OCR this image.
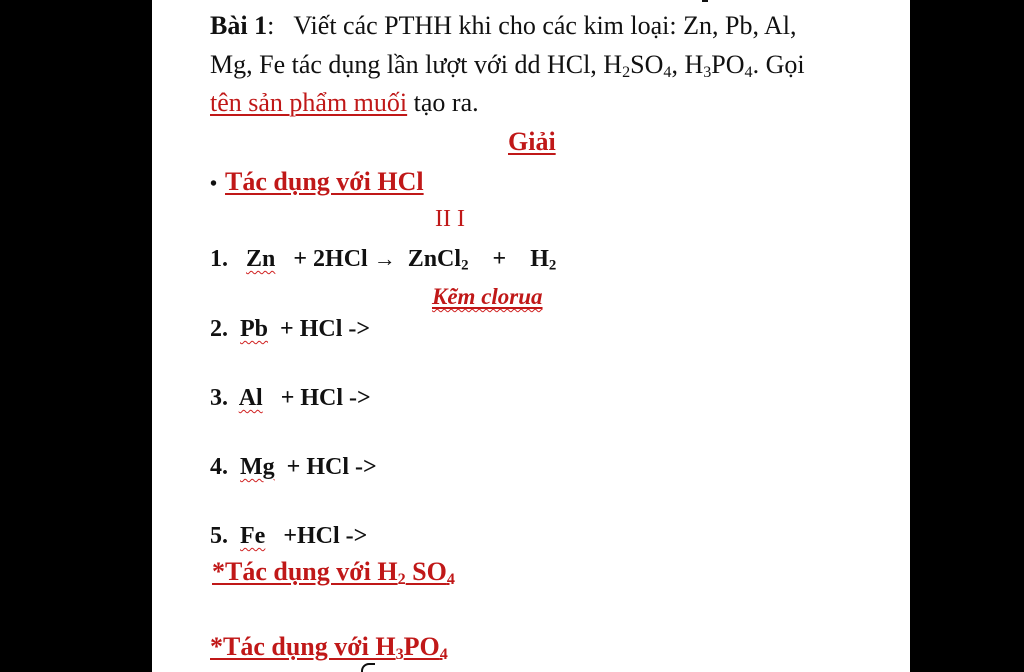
Bài 1: Viết các PTHH khi cho các kim loại: Zn, Pb, Al,
Mg, Fe tác dụng lần lượt với dd HCl, $H_2SO_4$, $H_3PO_4$. Gọi
tên sản phẩm muối tạo ra.
Giải
• Tác dụng với HCl
II I
1. Zn + 2HCl → ZnCl$_2$ + $H_2$
Kẽm clorua
2. Pb + HCl ->
3. Al + HCl ->
4. Mg + HCl ->
5. Fe +HCl ->
*Tác dụng với $H_2$ $SO_4$
*Tác dụng với $H_3PO_4$
